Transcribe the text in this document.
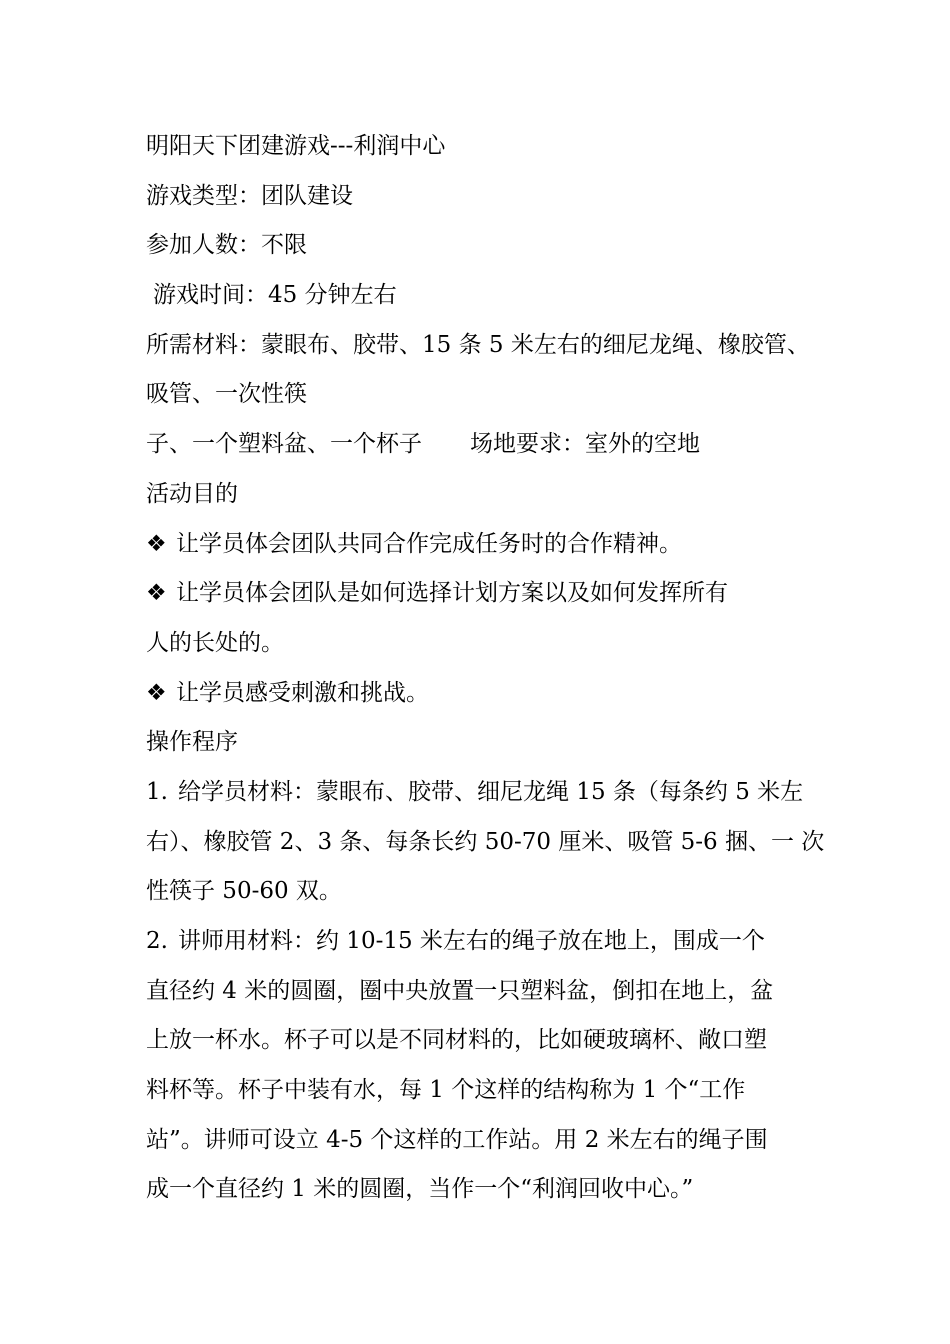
明阳天下团建游戏---利润中心
游戏类型：团队建设
参加人数：不限
游戏时间：45 分钟左右
所需材料：蒙眼布、胶带、15 条 5 米左右的细尼龙绳、橡胶管、
吸管、一次性筷
子、一个塑料盆、一个杯子 场地要求：室外的空地
活动目的
❖ 让学员体会团队共同合作完成任务时的合作精神。
❖ 让学员体会团队是如何选择计划方案以及如何发挥所有
人的长处的。
❖ 让学员感受刺激和挑战。
操作程序
1. 给学员材料：蒙眼布、胶带、细尼龙绳 15 条（每条约 5 米左
右）、橡胶管 2、3 条、每条长约 50-70 厘米、吸管 5-6 捆、一 次
性筷子 50-60 双。
2. 讲师用材料：约 10-15 米左右的绳子放在地上，围成一个
直径约 4 米的圆圈，圈中央放置一只塑料盆，倒扣在地上，盆
上放一杯水。杯子可以是不同材料的，比如硬玻璃杯、敞口塑
料杯等。杯子中装有水，每 1 个这样的结构称为 1 个“工作
站”。讲师可设立 4-5 个这样的工作站。用 2 米左右的绳子围
成一个直径约 1 米的圆圈，当作一个“利润回收中心。”
